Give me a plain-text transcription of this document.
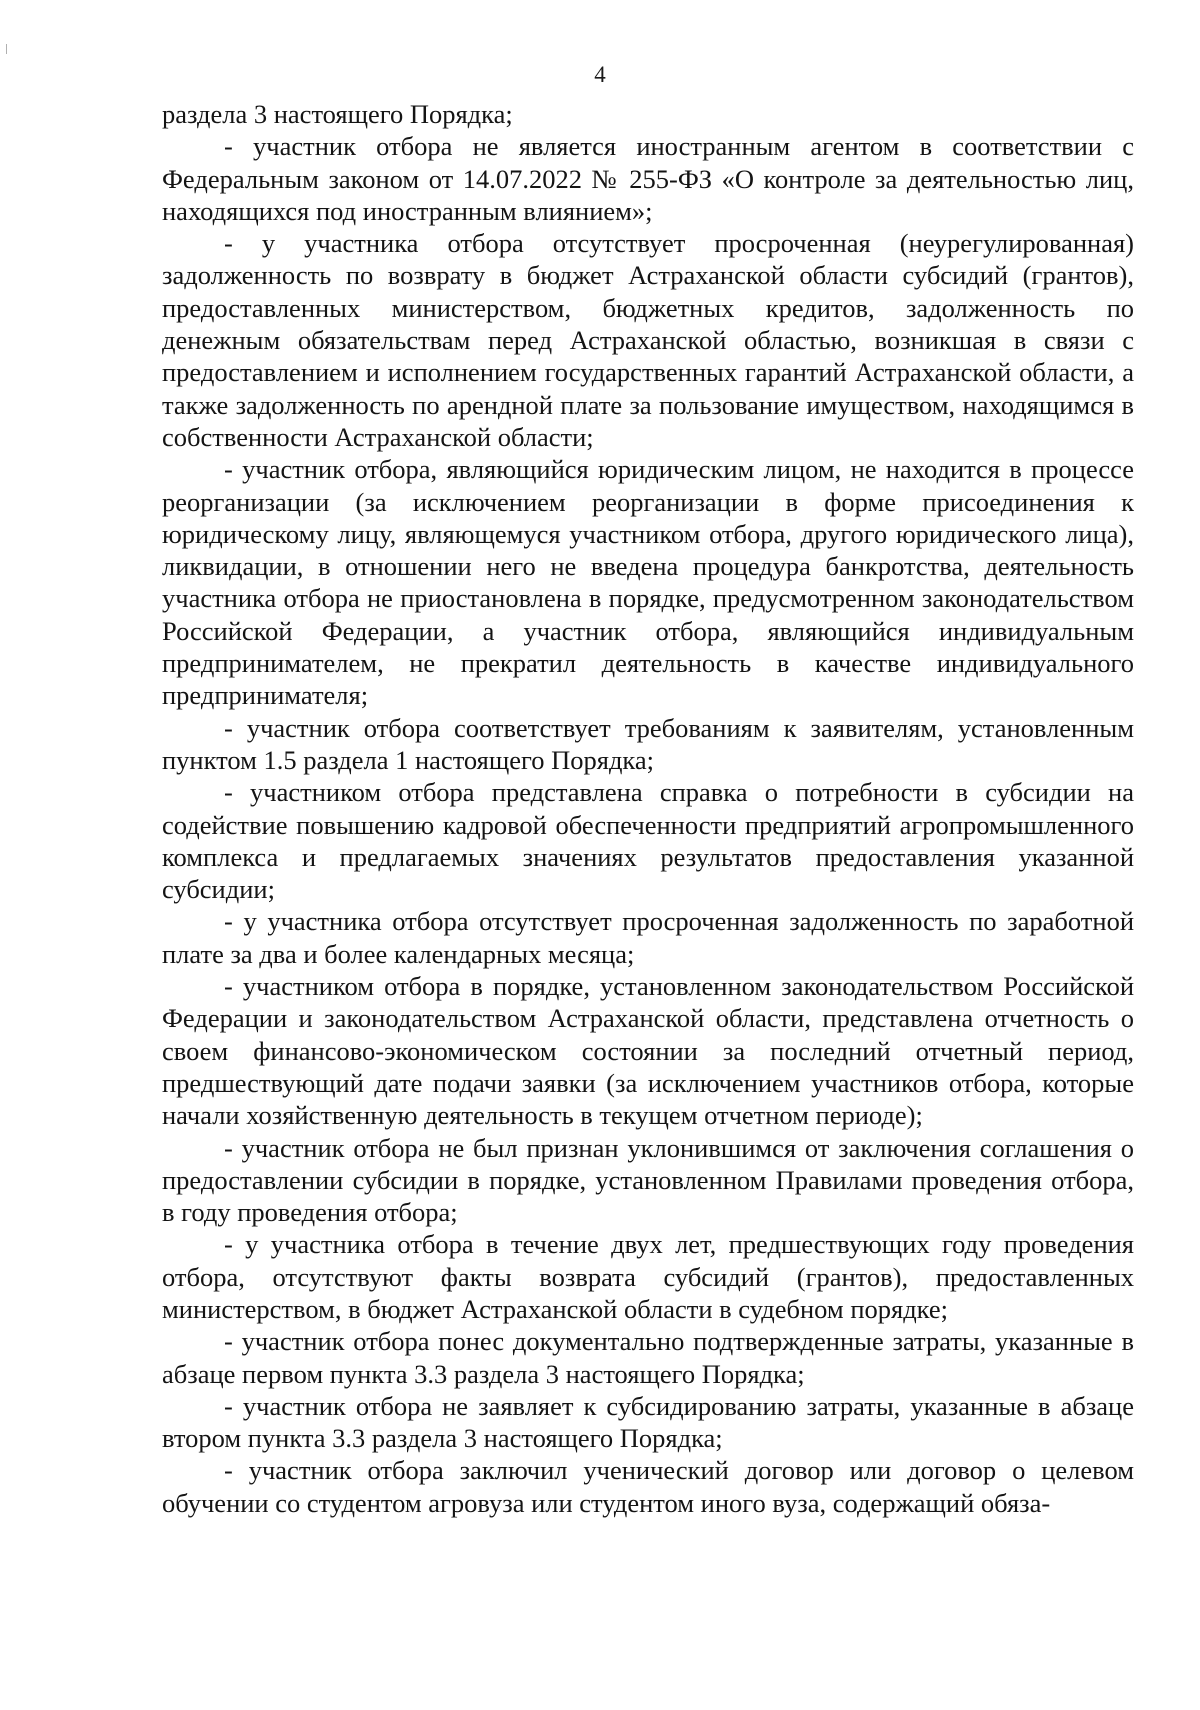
4

раздела 3 настоящего Порядка;

- участник отбора не является иностранным агентом в соответствии с Федеральным законом от 14.07.2022 № 255-ФЗ «О контроле за деятельностью лиц, находящихся под иностранным влиянием»;

- у участника отбора отсутствует просроченная (неурегулированная) задолженность по возврату в бюджет Астраханской области субсидий (грантов), предоставленных министерством, бюджетных кредитов, задолженность по денежным обязательствам перед Астраханской областью, возникшая в связи с предоставлением и исполнением государственных гарантий Астраханской области, а также задолженность по арендной плате за пользование имуществом, находящимся в собственности Астраханской области;

- участник отбора, являющийся юридическим лицом, не находится в процессе реорганизации (за исключением реорганизации в форме присоединения к юридическому лицу, являющемуся участником отбора, другого юридического лица), ликвидации, в отношении него не введена процедура банкротства, деятельность участника отбора не приостановлена в порядке, предусмотренном законодательством Российской Федерации, а участник отбора, являющийся индивидуальным предпринимателем, не прекратил деятельность в качестве индивидуального предпринимателя;

- участник отбора соответствует требованиям к заявителям, установленным пунктом 1.5 раздела 1 настоящего Порядка;

- участником отбора представлена справка о потребности в субсидии на содействие повышению кадровой обеспеченности предприятий агропромышленного комплекса и предлагаемых значениях результатов предоставления указанной субсидии;

- у участника отбора отсутствует просроченная задолженность по заработной плате за два и более календарных месяца;

- участником отбора в порядке, установленном законодательством Российской Федерации и законодательством Астраханской области, представлена отчетность о своем финансово-экономическом состоянии за последний отчетный период, предшествующий дате подачи заявки (за исключением участников отбора, которые начали хозяйственную деятельность в текущем отчетном периоде);

- участник отбора не был признан уклонившимся от заключения соглашения о предоставлении субсидии в порядке, установленном Правилами проведения отбора, в году проведения отбора;

- у участника отбора в течение двух лет, предшествующих году проведения отбора, отсутствуют факты возврата субсидий (грантов), предоставленных министерством, в бюджет Астраханской области в судебном порядке;

- участник отбора понес документально подтвержденные затраты, указанные в абзаце первом пункта 3.3 раздела 3 настоящего Порядка;

- участник отбора не заявляет к субсидированию затраты, указанные в абзаце втором пункта 3.3 раздела 3 настоящего Порядка;

- участник отбора заключил ученический договор или договор о целевом обучении со студентом агровуза или студентом иного вуза, содержащий обяза-
